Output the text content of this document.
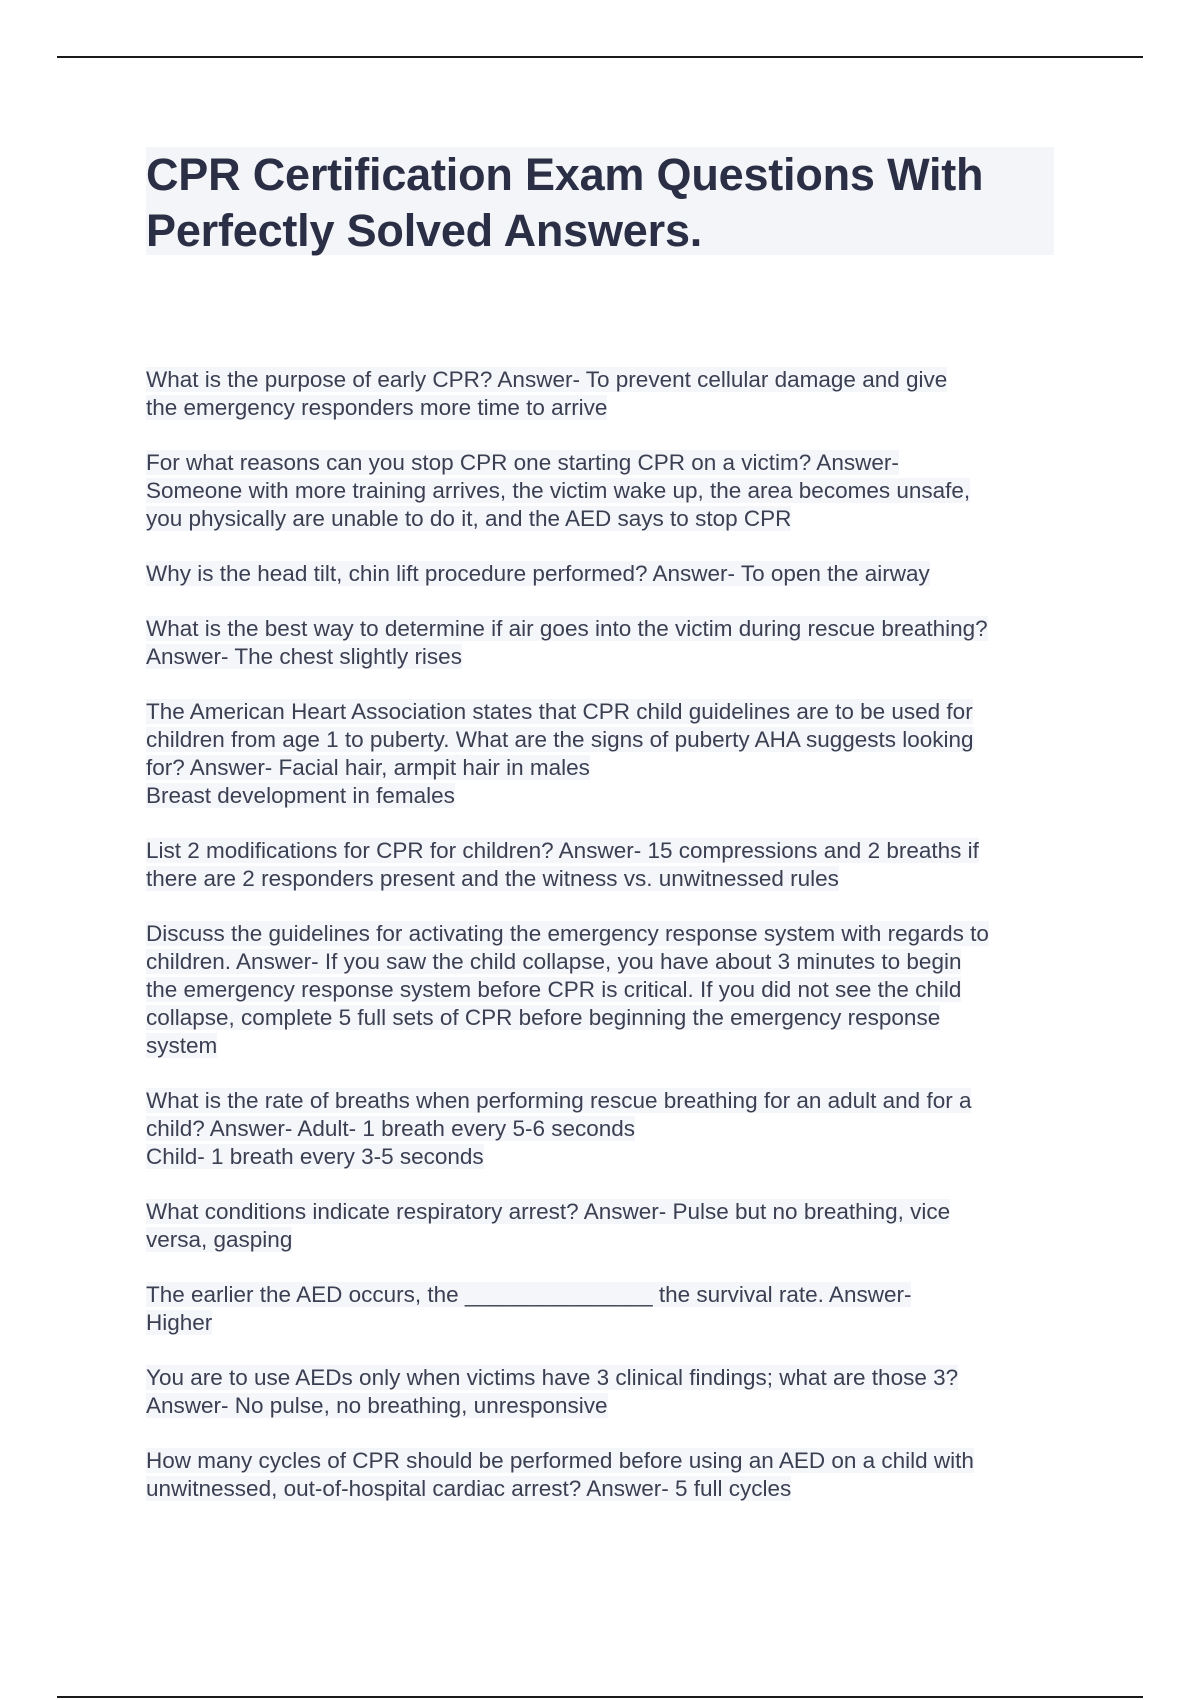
CPR Certification Exam Questions With
Perfectly Solved Answers.

What is the purpose of early CPR? Answer- To prevent cellular damage and give
the emergency responders more time to arrive

For what reasons can you stop CPR one starting CPR on a victim? Answer-
Someone with more training arrives, the victim wake up, the area becomes unsafe,
you physically are unable to do it, and the AED says to stop CPR

Why is the head tilt, chin lift procedure performed? Answer- To open the airway

What is the best way to determine if air goes into the victim during rescue breathing?
Answer- The chest slightly rises

The American Heart Association states that CPR child guidelines are to be used for
children from age 1 to puberty. What are the signs of puberty AHA suggests looking
for? Answer- Facial hair, armpit hair in males
Breast development in females

List 2 modifications for CPR for children? Answer- 15 compressions and 2 breaths if
there are 2 responders present and the witness vs. unwitnessed rules

Discuss the guidelines for activating the emergency response system with regards to
children. Answer- If you saw the child collapse, you have about 3 minutes to begin
the emergency response system before CPR is critical. If you did not see the child
collapse, complete 5 full sets of CPR before beginning the emergency response
system

What is the rate of breaths when performing rescue breathing for an adult and for a
child? Answer- Adult- 1 breath every 5-6 seconds
Child- 1 breath every 3-5 seconds

What conditions indicate respiratory arrest? Answer- Pulse but no breathing, vice
versa, gasping

The earlier the AED occurs, the _______________ the survival rate. Answer-
Higher

You are to use AEDs only when victims have 3 clinical findings; what are those 3?
Answer- No pulse, no breathing, unresponsive

How many cycles of CPR should be performed before using an AED on a child with
unwitnessed, out-of-hospital cardiac arrest? Answer- 5 full cycles
